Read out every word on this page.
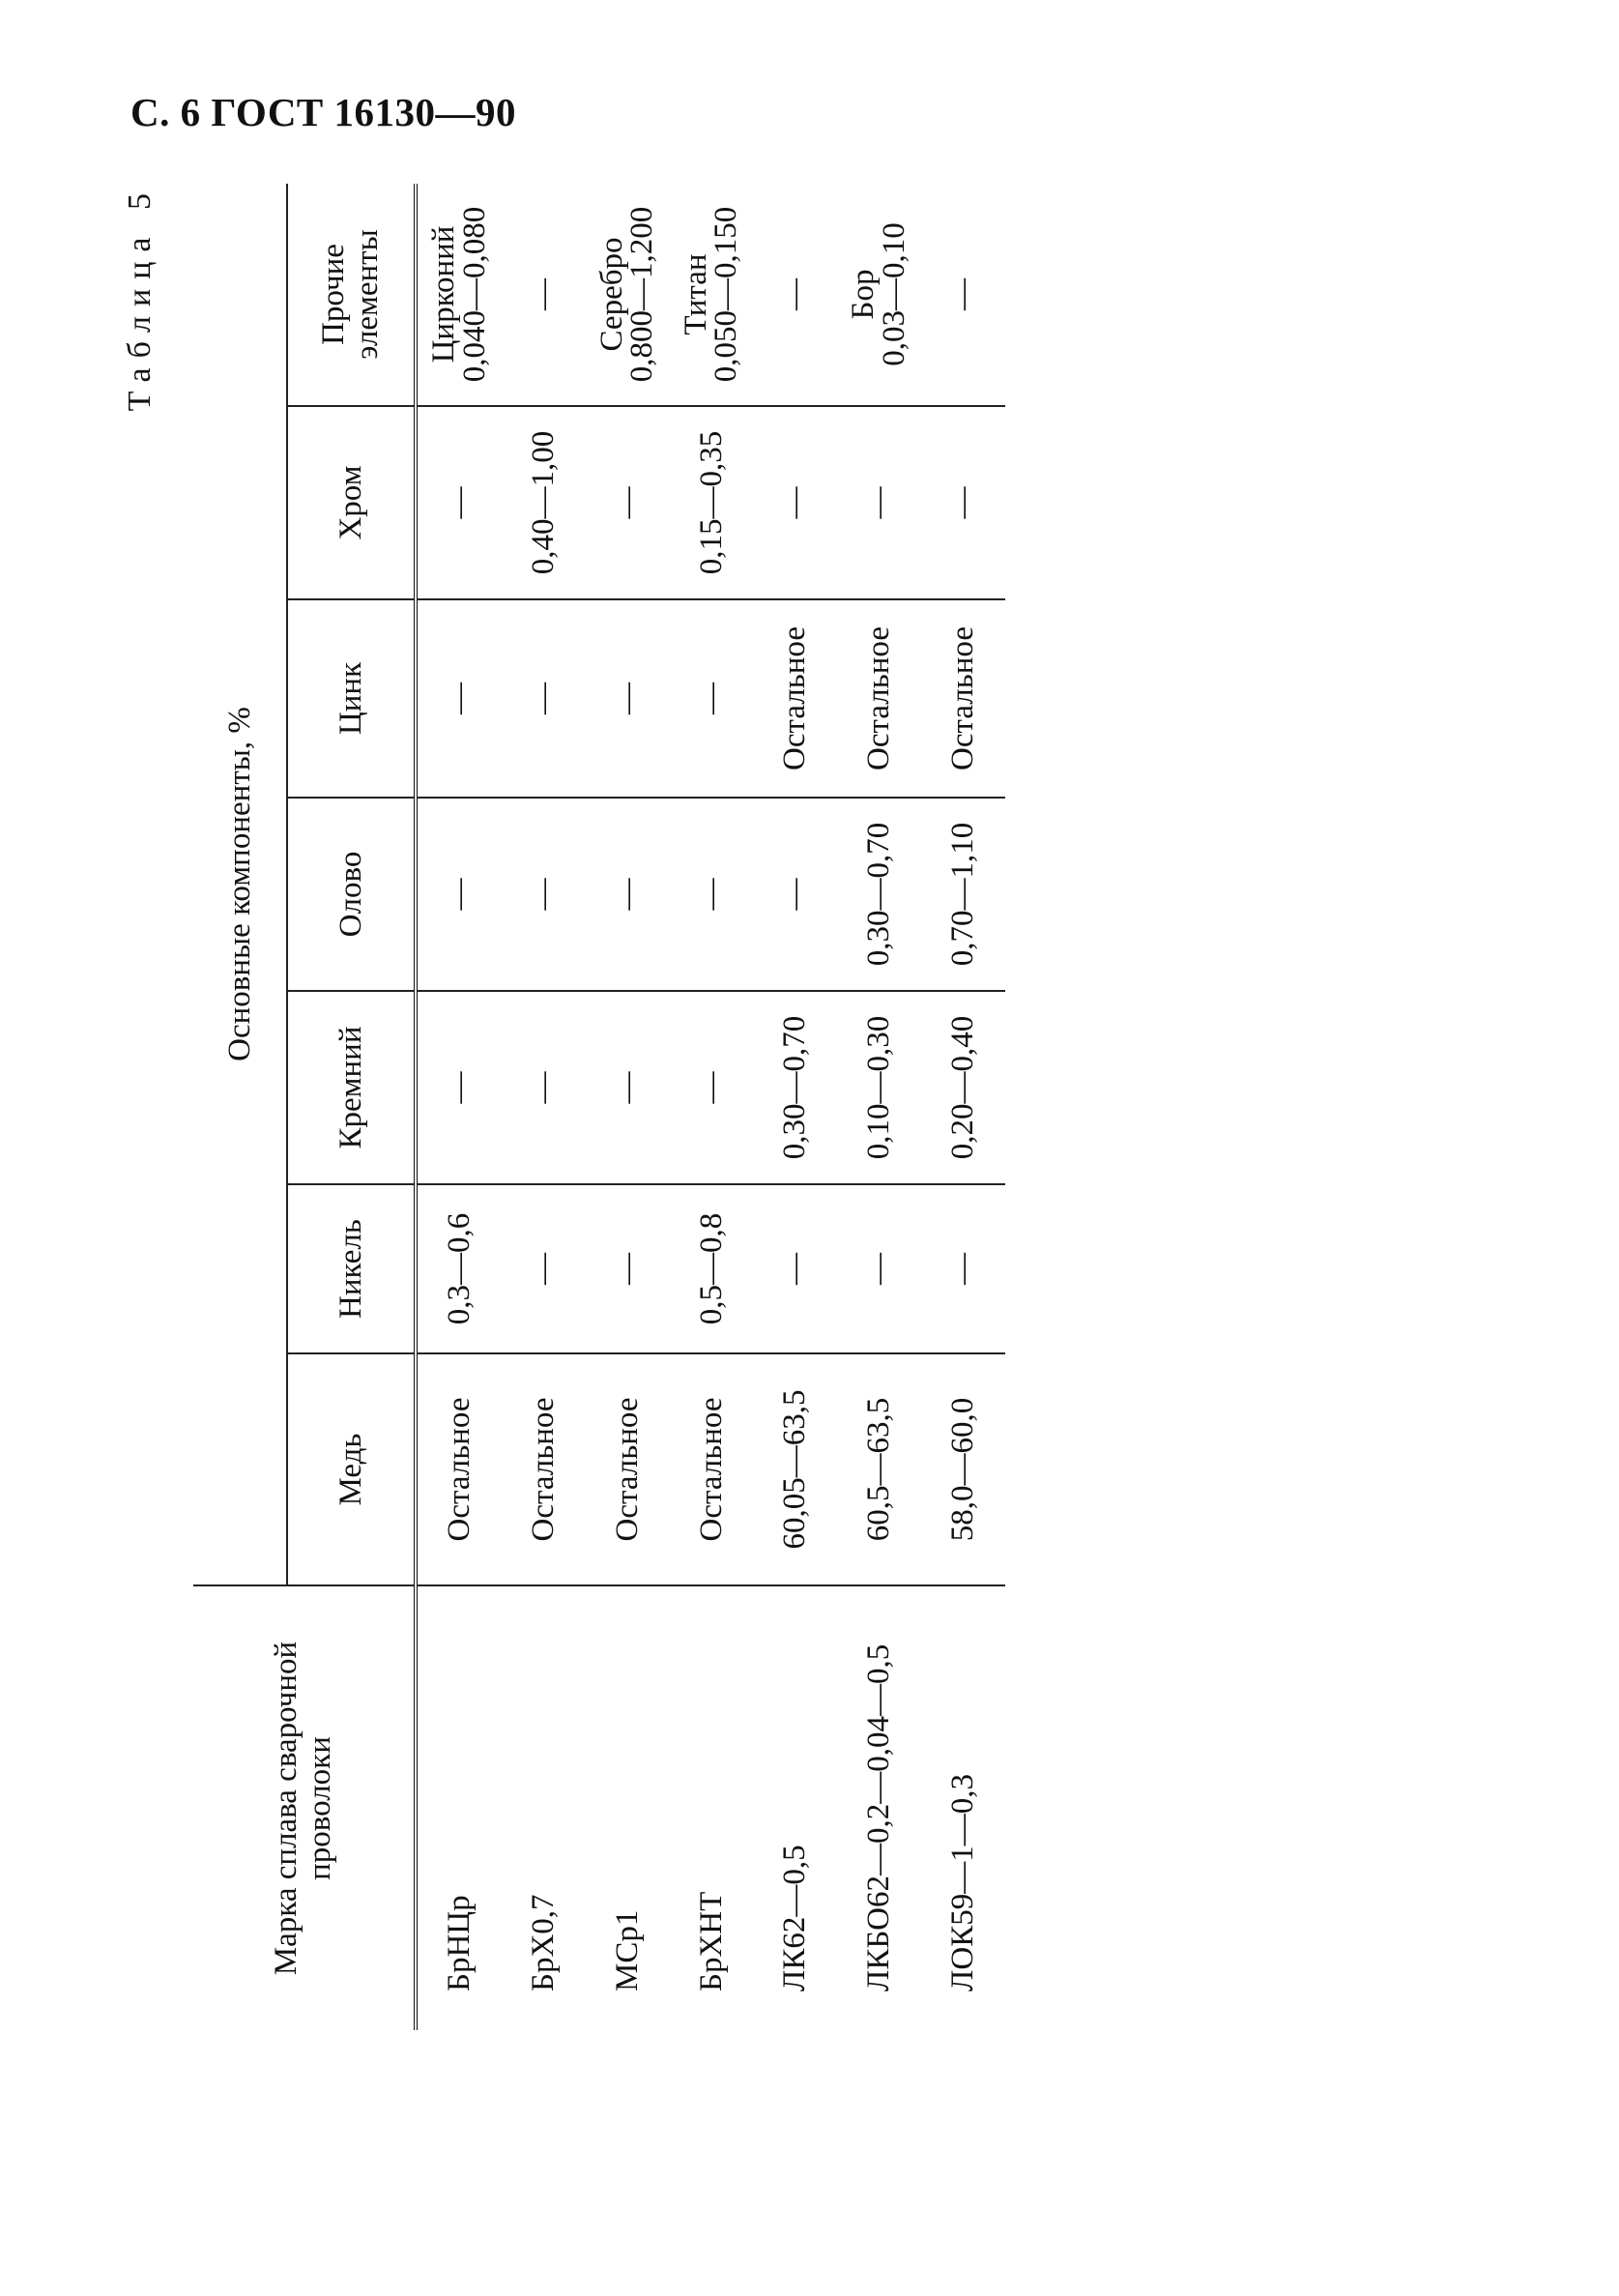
С. 6 ГОСТ 16130—90
Таблица 5
Марка сплава сварочной проволоки	Основные компоненты, %						
	Медь	Никель	Кремний	Олово	Цинк	Хром	Прочие элементы
БрНЦр	Остальное	0,3—0,6	—	—	—	—	Цирконий
0,040—0,080

БрХ0,7	Остальное	—	—	—	—	0,40—1,00	—

МСр1	Остальное	—	—	—	—	—	Серебро
0,800—1,200

БрХНТ	Остальное	0,5—0,8	—	—	—	0,15—0,35	Титан
0,050—0,150

ЛК62—0,5	60,05—63,5	—	0,30—0,70	—	Остальное	—	—

ЛКБО62—0,2—0,04—0,5	60,5—63,5	—	0,10—0,30	0,30—0,70	Остальное	—	Бор
0,03—0,10

ЛОК59—1—0,3	58,0—60,0	—	0,20—0,40	0,70—1,10	Остальное	—	—
